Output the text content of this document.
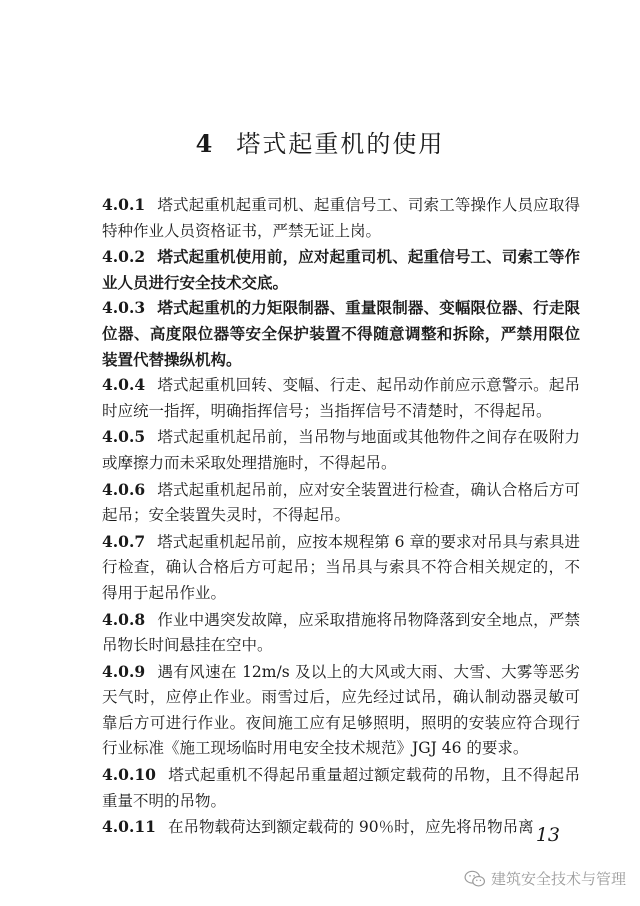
4 塔式起重机的使用

4.0.1 塔式起重机起重司机、起重信号工、司索工等操作人员应取得特种作业人员资格证书，严禁无证上岗。

4.0.2 塔式起重机使用前，应对起重司机、起重信号工、司索工等作业人员进行安全技术交底。

4.0.3 塔式起重机的力矩限制器、重量限制器、变幅限位器、行走限位器、高度限位器等安全保护装置不得随意调整和拆除，严禁用限位装置代替操纵机构。

4.0.4 塔式起重机回转、变幅、行走、起吊动作前应示意警示。起吊时应统一指挥，明确指挥信号；当指挥信号不清楚时，不得起吊。

4.0.5 塔式起重机起吊前，当吊物与地面或其他物件之间存在吸附力或摩擦力而未采取处理措施时，不得起吊。

4.0.6 塔式起重机起吊前，应对安全装置进行检查，确认合格后方可起吊；安全装置失灵时，不得起吊。

4.0.7 塔式起重机起吊前，应按本规程第 6 章的要求对吊具与索具进行检查，确认合格后方可起吊；当吊具与索具不符合相关规定的，不得用于起吊作业。

4.0.8 作业中遇突发故障，应采取措施将吊物降落到安全地点，严禁吊物长时间悬挂在空中。

4.0.9 遇有风速在 12m/s 及以上的大风或大雨、大雪、大雾等恶劣天气时，应停止作业。雨雪过后，应先经过试吊，确认制动器灵敏可靠后方可进行作业。夜间施工应有足够照明，照明的安装应符合现行行业标准《施工现场临时用电安全技术规范》JGJ 46 的要求。

4.0.10 塔式起重机不得起吊重量超过额定载荷的吊物，且不得起吊重量不明的吊物。

4.0.11 在吊物载荷达到额定载荷的 90％时，应先将吊物吊离 13
建筑安全技术与管理
